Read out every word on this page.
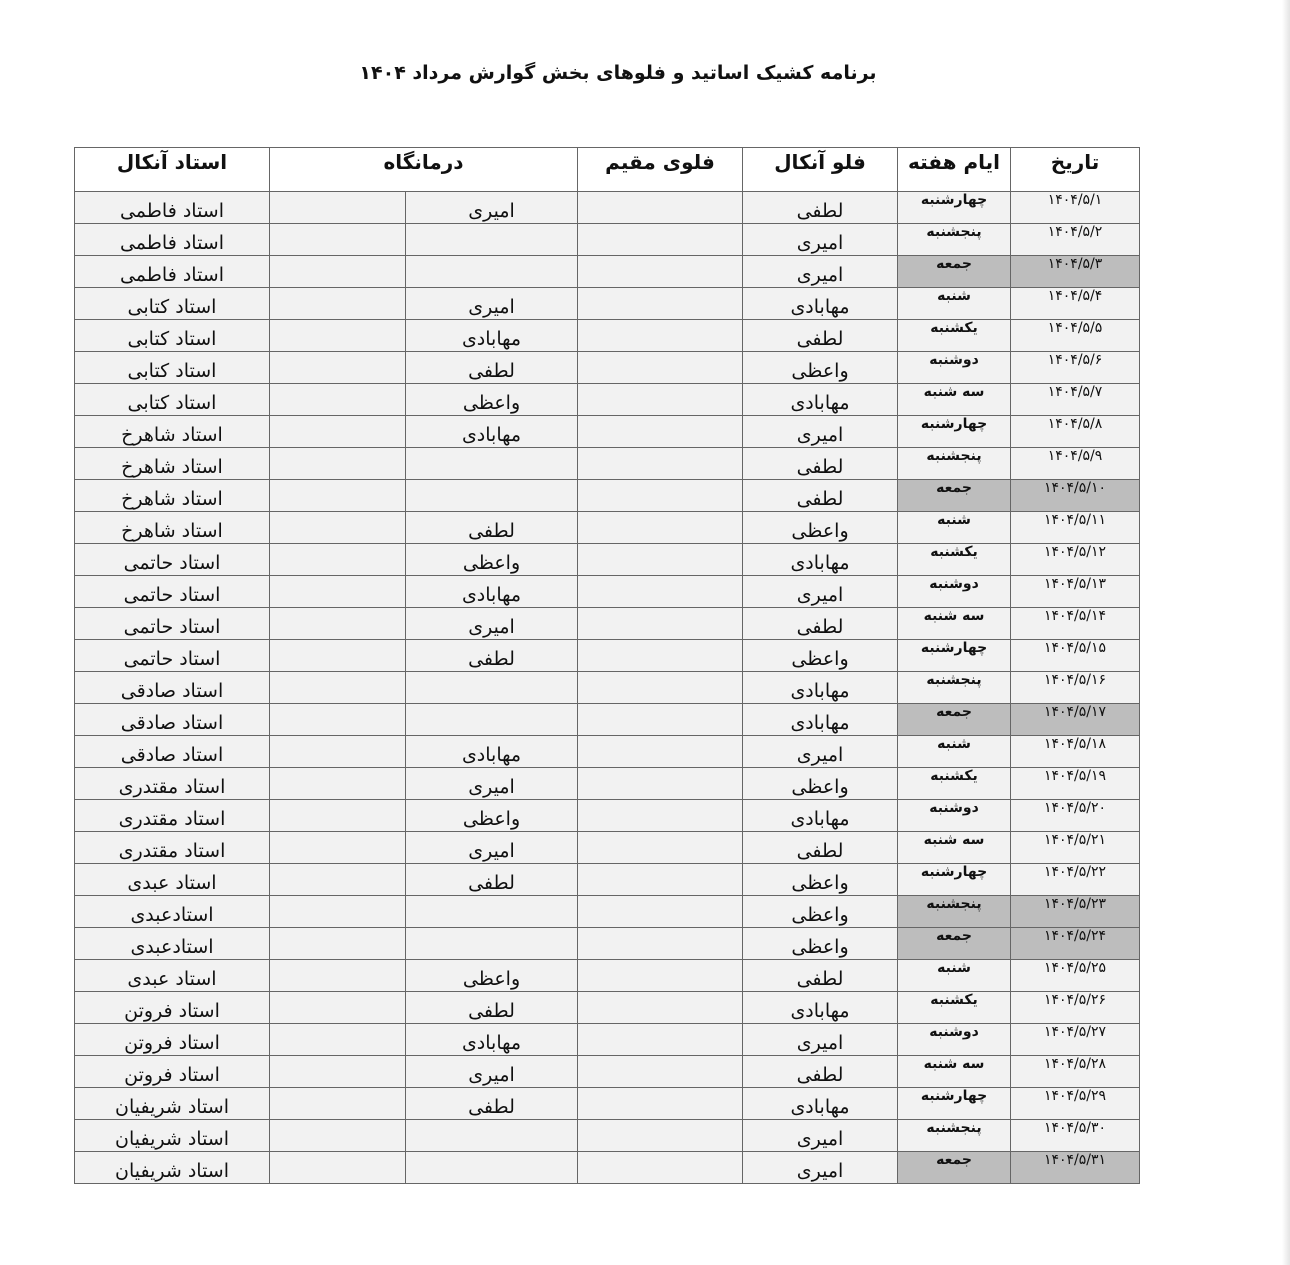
برنامه کشیک اساتید و فلوهای بخش گوارش مرداد ۱۴۰۴
تاریخ	ایام هفته	فلو آنکال	فلوی مقیم	درمانگاه		استاد آنکال
۱۴۰۴/۵/۱	چهارشنبه	لطفی		امیری		استاد فاطمی
۱۴۰۴/۵/۲	پنجشنبه	امیری				استاد فاطمی
۱۴۰۴/۵/۳	جمعه	امیری				استاد فاطمی
۱۴۰۴/۵/۴	شنبه	مهابادی		امیری		استاد کتابی
۱۴۰۴/۵/۵	یکشنبه	لطفی		مهابادی		استاد کتابی
۱۴۰۴/۵/۶	دوشنبه	واعظی		لطفی		استاد کتابی
۱۴۰۴/۵/۷	سه شنبه	مهابادی		واعظی		استاد کتابی
۱۴۰۴/۵/۸	چهارشنبه	امیری		مهابادی		استاد شاهرخ
۱۴۰۴/۵/۹	پنجشنبه	لطفی				استاد شاهرخ
۱۴۰۴/۵/۱۰	جمعه	لطفی				استاد شاهرخ
۱۴۰۴/۵/۱۱	شنبه	واعظی		لطفی		استاد شاهرخ
۱۴۰۴/۵/۱۲	یکشنبه	مهابادی		واعظی		استاد حاتمی
۱۴۰۴/۵/۱۳	دوشنبه	امیری		مهابادی		استاد حاتمی
۱۴۰۴/۵/۱۴	سه شنبه	لطفی		امیری		استاد حاتمی
۱۴۰۴/۵/۱۵	چهارشنبه	واعظی		لطفی		استاد حاتمی
۱۴۰۴/۵/۱۶	پنجشنبه	مهابادی				استاد صادقی
۱۴۰۴/۵/۱۷	جمعه	مهابادی				استاد صادقی
۱۴۰۴/۵/۱۸	شنبه	امیری		مهابادی		استاد صادقی
۱۴۰۴/۵/۱۹	یکشنبه	واعظی		امیری		استاد مقتدری
۱۴۰۴/۵/۲۰	دوشنبه	مهابادی		واعظی		استاد مقتدری
۱۴۰۴/۵/۲۱	سه شنبه	لطفی		امیری		استاد مقتدری
۱۴۰۴/۵/۲۲	چهارشنبه	واعظی		لطفی		استاد عبدی
۱۴۰۴/۵/۲۳	پنجشنبه	واعظی				استادعبدی
۱۴۰۴/۵/۲۴	جمعه	واعظی				استادعبدی
۱۴۰۴/۵/۲۵	شنبه	لطفی		واعظی		استاد عبدی
۱۴۰۴/۵/۲۶	یکشنبه	مهابادی		لطفی		استاد فروتن
۱۴۰۴/۵/۲۷	دوشنبه	امیری		مهابادی		استاد فروتن
۱۴۰۴/۵/۲۸	سه شنبه	لطفی		امیری		استاد فروتن
۱۴۰۴/۵/۲۹	چهارشنبه	مهابادی		لطفی		استاد شریفیان
۱۴۰۴/۵/۳۰	پنجشنبه	امیری				استاد شریفیان
۱۴۰۴/۵/۳۱	جمعه	امیری				استاد شریفیان
